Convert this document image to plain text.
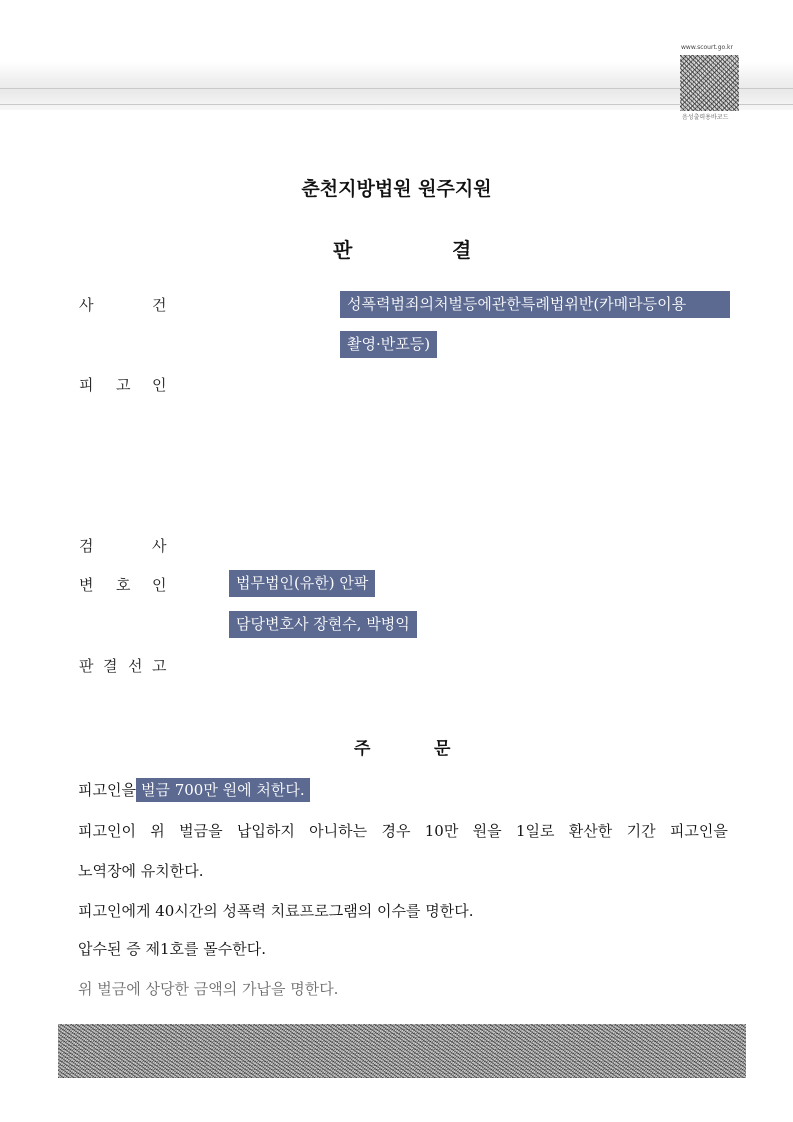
www.scourt.go.kr
음성출력용바코드
춘천지방법원 원주지원
판	결
사	건	성폭력범죄의처벌등에관한특례법위반(카메라등이용
촬영·반포등)
피 고 인
검	사
변 호 인	법무법인(유한) 안팍
담당변호사 장현수, 박병익
판 결 선 고
주	문
피고인을 벌금 700만 원에 처한다.
피고인이 위 벌금을 납입하지 아니하는 경우 10만 원을 1일로 환산한 기간 피고인을
노역장에 유치한다.
피고인에게 40시간의 성폭력 치료프로그램의 이수를 명한다.
압수된 증 제1호를 몰수한다.
위 벌금에 상당한 금액의 가납을 명한다.
